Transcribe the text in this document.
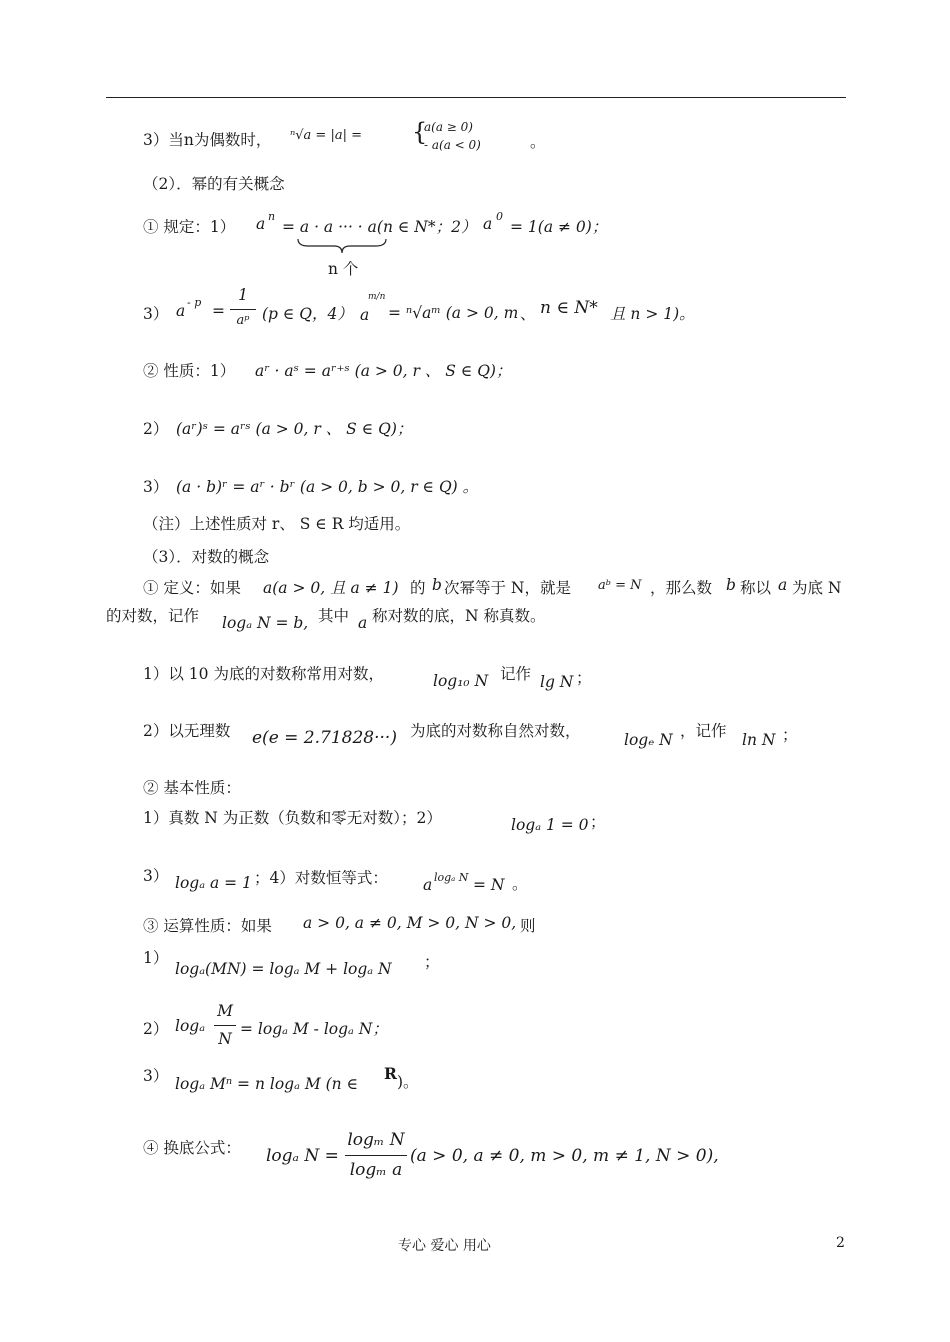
3）当n为偶数时， ⁿ√a = |a| = {
a(a ≥ 0)
- a(a < 0)	。
（2）．幂的有关概念
① 规定：1） a n
= a · a ··· · a(n ∈ N*；2） a 0
= 1(a ≠ 0)；
n 个
3） a - p =
1
aᵖ (p ∈ Q，4） a
m/n
= ⁿ√aᵐ (a > 0, m 、 n ∈ N* 且 n > 1)。
② 性质：1） aʳ · aˢ = aʳ⁺ˢ (a > 0, r 、 S ∈ Q)；
2） (aʳ)ˢ = aʳˢ (a > 0, r 、 S ∈ Q)；
3） (a · b)ʳ = aʳ · bʳ (a > 0, b > 0, r ∈ Q) 。
（注）上述性质对 r、 S ∈ R 均适用。
（3）．对数的概念
① 定义：如果 a(a > 0, 且 a ≠ 1) 的 b 次幂等于 N，就是 aᵇ = N ，那么数 b 称以 a 为底 N
的对数，记作 logₐ N = b, 其中 a 称对数的底，N 称真数。
1）以 10 为底的对数称常用对数，	log₁₀ N 记作 lg N ；
2）以无理数 e(e = 2.71828···) 为底的对数称自然对数，	logₑ N ，记作 ln N ；
② 基本性质：
1）真数 N 为正数（负数和零无对数）；2）	logₐ 1 = 0 ；
3） logₐ a = 1 ；4）对数恒等式： a logₐ N = N 。
③ 运算性质：如果 a > 0, a ≠ 0, M > 0, N > 0, 则
1）
logₐ(MN) = logₐ M + logₐ N ；
2） logₐ
M
N
= logₐ M - logₐ N；
3） logₐ Mⁿ = n logₐ M (n ∈
R )。
④ 换底公式： logₐ N =
logₘ N
logₘ a
(a > 0, a ≠ 0, m > 0, m ≠ 1, N > 0),
专心 爱心 用心	2
